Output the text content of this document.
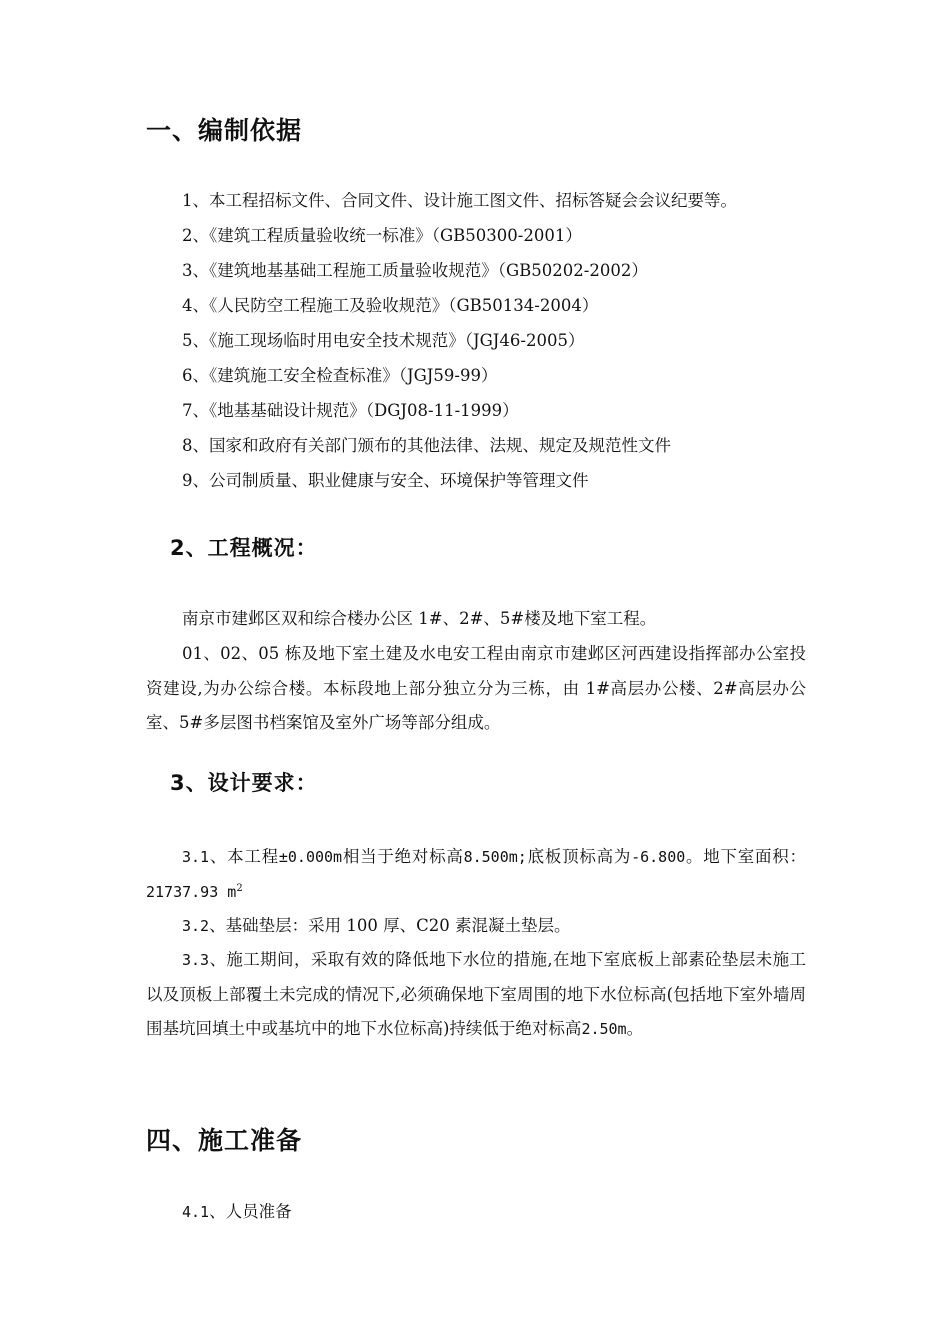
一、编制依据
1、本工程招标文件、合同文件、设计施工图文件、招标答疑会会议纪要等。
2、《建筑工程质量验收统一标准》（GB50300-2001）
3、《建筑地基基础工程施工质量验收规范》（GB50202-2002）
4、《人民防空工程施工及验收规范》（GB50134-2004）
5、《施工现场临时用电安全技术规范》（JGJ46-2005）
6、《建筑施工安全检查标准》（JGJ59-99）
7、《地基基础设计规范》（DGJ08-11-1999）
8、国家和政府有关部门颁布的其他法律、法规、规定及规范性文件
9、公司制质量、职业健康与安全、环境保护等管理文件
2、工程概况：

南京市建邺区双和综合楼办公区 1#、2#、5#楼及地下室工程。

01、02、05 栋及地下室土建及水电安工程由南京市建邺区河西建设指挥部办公室投资建设,为办公综合楼。本标段地上部分独立分为三栋，由 1#高层办公楼、2#高层办公室、5#多层图书档案馆及室外广场等部分组成。

3、设计要求：

3.1、本工程±0.000m相当于绝对标高8.500m;底板顶标高为-6.800。地下室面积：21737.93 $m^2$

3.2、基础垫层：采用 100 厚、C20 素混凝土垫层。

3.3、施工期间，采取有效的降低地下水位的措施,在地下室底板上部素砼垫层未施工以及顶板上部覆土未完成的情况下,必须确保地下室周围的地下水位标高(包括地下室外墙周围基坑回填土中或基坑中的地下水位标高)持续低于绝对标高2.50m。

四、施工准备

4.1、人员准备
